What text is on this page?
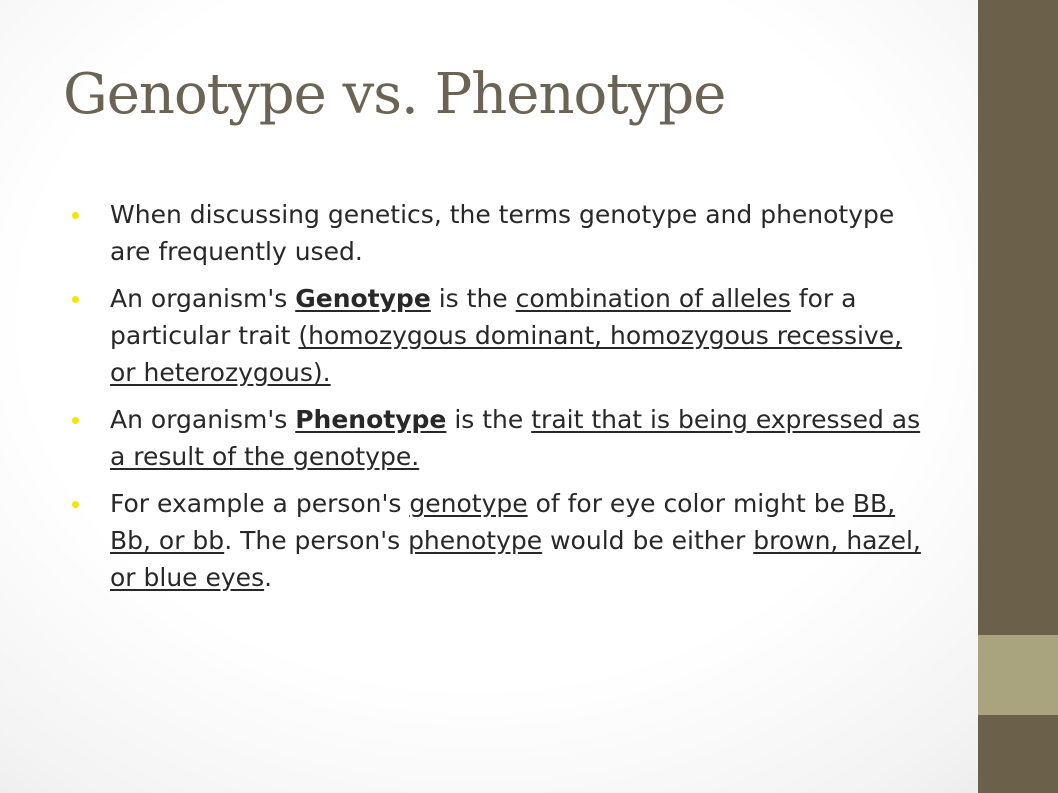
Genotype vs. Phenotype
When discussing genetics, the terms genotype and phenotype are frequently used.
An organism's Genotype is the combination of alleles for a particular trait (homozygous dominant, homozygous recessive, or heterozygous).
An organism's Phenotype is the trait that is being expressed as a result of the genotype.
For example a person's genotype of for eye color might be BB, Bb, or bb. The person's phenotype would be either brown, hazel, or blue eyes.
